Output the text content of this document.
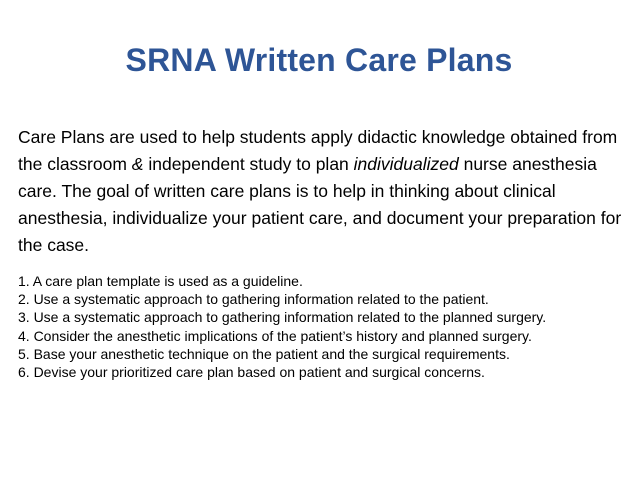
SRNA Written Care Plans

Care Plans are used to help students apply didactic knowledge obtained from the classroom & independent study to plan individualized nurse anesthesia care. The goal of written care plans is to help in thinking about clinical anesthesia, individualize your patient care, and document your preparation for the case.

1. A care plan template is used as a guideline.
2. Use a systematic approach to gathering information related to the patient.
3. Use a systematic approach to gathering information related to the planned surgery.
4. Consider the anesthetic implications of the patient’s history and planned surgery.
5. Base your anesthetic technique on the patient and the surgical requirements.
6. Devise your prioritized care plan based on patient and surgical concerns.
